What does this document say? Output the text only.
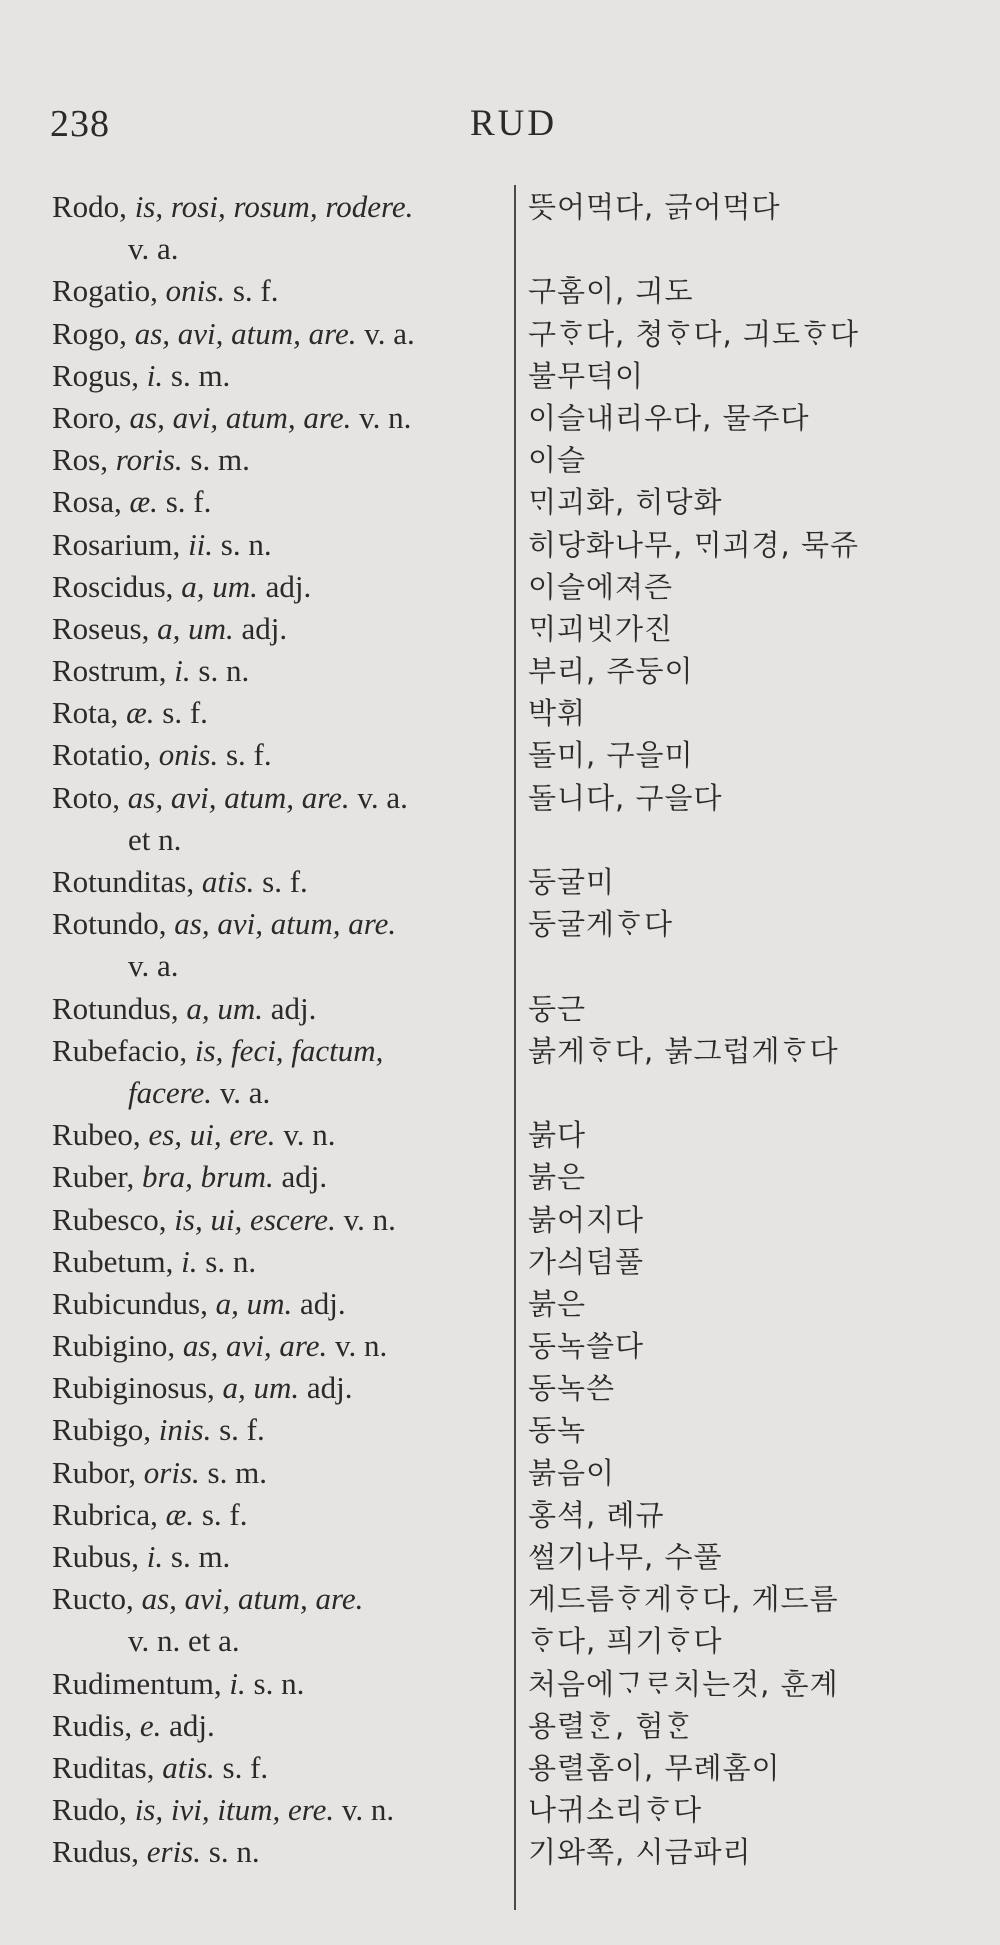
238	RUD
Rodo, is, rosi, rosum, rodere.	뜻어먹다, 긁어먹다
v. a.
Rogatio, onis. s. f.	구홈이, 긔도
Rogo, as, avi, atum, are. v. a.	구ᄒᆞ다, 쳥ᄒᆞ다, 긔도ᄒᆞ다
Rogus, i. s. m.	불무덕이
Roro, as, avi, atum, are. v. n.	이슬내리우다, 물주다
Ros, roris. s. m.	이슬
Rosa, æ. s. f.	ᄆᆡ괴화, 히당화
Rosarium, ii. s. n.	히당화나무, ᄆᆡ괴경, 묵쥬
Roscidus, a, um. adj.	이슬에져즌
Roseus, a, um. adj.	ᄆᆡ괴빗가진
Rostrum, i. s. n.	부리, 주둥이
Rota, æ. s. f.	박휘
Rotatio, onis. s. f.	돌미, 구을미
Roto, as, avi, atum, are. v. a.	돌니다, 구을다
et n.
Rotunditas, atis. s. f.	둥굴미
Rotundo, as, avi, atum, are.	둥굴게ᄒᆞ다
v. a.
Rotundus, a, um. adj.	둥근
Rubefacio, is, feci, factum,	붉게ᄒᆞ다, 붉그럽게ᄒᆞ다
facere. v. a.
Rubeo, es, ui, ere. v. n.	붉다
Ruber, bra, brum. adj.	붉은
Rubesco, is, ui, escere. v. n.	붉어지다
Rubetum, i. s. n.	가싀덤풀
Rubicundus, a, um. adj.	붉은
Rubigino, as, avi, are. v. n.	동녹쓸다
Rubiginosus, a, um. adj.	동녹쓴
Rubigo, inis. s. f.	동녹
Rubor, oris. s. m.	붉음이
Rubrica, æ. s. f.	홍셕, 례규
Rubus, i. s. m.	썰기나무, 수풀
Ructo, as, avi, atum, are.	게드름ᄒᆞ게ᄒᆞ다, 게드름
v. n. et a.	ᄒᆞ다, 픠기ᄒᆞ다
Rudimentum, i. s. n.	처음에ᄀᆞᄅᆞ치는것, 훈계
Rudis, e. adj.	용렬ᄒᆞᆫ, 험ᄒᆞᆫ
Ruditas, atis. s. f.	용렬홈이, 무례홈이
Rudo, is, ivi, itum, ere. v. n.	나귀소리ᄒᆞ다
Rudus, eris. s. n.	기와쪽, 시금파리
